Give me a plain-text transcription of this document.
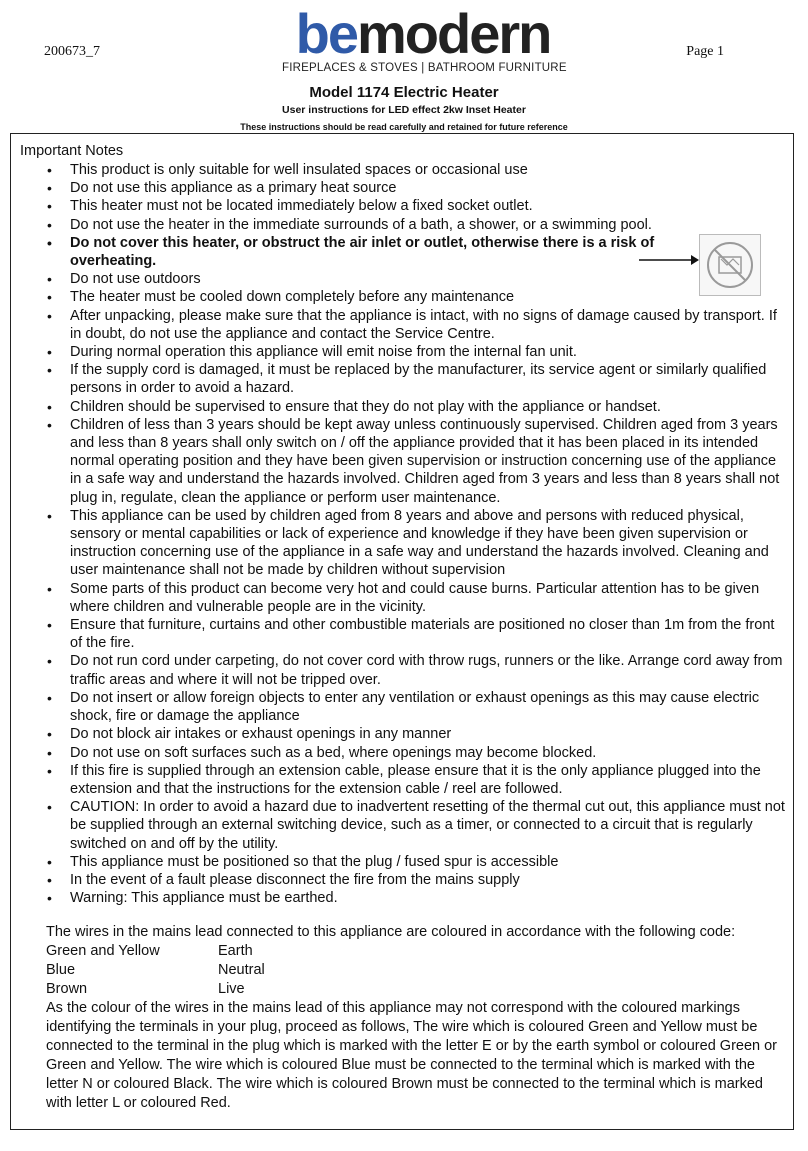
200673_7	Page 1
bemodern
FIREPLACES & STOVES | BATHROOM FURNITURE
Model 1174 Electric Heater
User instructions for LED effect 2kw Inset Heater
These instructions should be read carefully and retained for future reference
Important Notes
• This product is only suitable for well insulated spaces or occasional use
• Do not use this appliance as a primary heat source
• This heater must not be located immediately below a fixed socket outlet.
• Do not use the heater in the immediate surrounds of a bath, a shower, or a swimming pool.
• Do not cover this heater, or obstruct the air inlet or outlet, otherwise there is a risk of overheating.
• Do not use outdoors
• The heater must be cooled down completely before any maintenance
• After unpacking, please make sure that the appliance is intact, with no signs of damage caused by transport. If in doubt, do not use the appliance and contact the Service Centre.
• During normal operation this appliance will emit noise from the internal fan unit.
• If the supply cord is damaged, it must be replaced by the manufacturer, its service agent or similarly qualified persons in order to avoid a hazard.
• Children should be supervised to ensure that they do not play with the appliance or handset.
• Children of less than 3 years should be kept away unless continuously supervised. Children aged from 3 years and less than 8 years shall only switch on / off the appliance provided that it has been placed in its intended normal operating position and they have been given supervision or instruction concerning use of the appliance in a safe way and understand the hazards involved. Children aged from 3 years and less than 8 years shall not plug in, regulate, clean the appliance or perform user maintenance.
• This appliance can be used by children aged from 8 years and above and persons with reduced physical, sensory or mental capabilities or lack of experience and knowledge if they have been given supervision or instruction concerning use of the appliance in a safe way and understand the hazards involved. Cleaning and user maintenance shall not be made by children without supervision
• Some parts of this product can become very hot and could cause burns. Particular attention has to be given where children and vulnerable people are in the vicinity.
• Ensure that furniture, curtains and other combustible materials are positioned no closer than 1m from the front of the fire.
• Do not run cord under carpeting, do not cover cord with throw rugs, runners or the like. Arrange cord away from traffic areas and where it will not be tripped over.
• Do not insert or allow foreign objects to enter any ventilation or exhaust openings as this may cause electric shock, fire or damage the appliance
• Do not block air intakes or exhaust openings in any manner
• Do not use on soft surfaces such as a bed, where openings may become blocked.
• If this fire is supplied through an extension cable, please ensure that it is the only appliance plugged into the extension and that the instructions for the extension cable / reel are followed.
• CAUTION: In order to avoid a hazard due to inadvertent resetting of the thermal cut out, this appliance must not be supplied through an external switching device, such as a timer, or connected to a circuit that is regularly switched on and off by the utility.
• This appliance must be positioned so that the plug / fused spur is accessible
• In the event of a fault please disconnect the fire from the mains supply
• Warning: This appliance must be earthed.
The wires in the mains lead connected to this appliance are coloured in accordance with the following code:
Green and Yellow	Earth
Blue	Neutral
Brown	Live
As the colour of the wires in the mains lead of this appliance may not correspond with the coloured markings identifying the terminals in your plug, proceed as follows, The wire which is coloured Green and Yellow must be connected to the terminal in the plug which is marked with the letter E or by the earth symbol or coloured Green or Green and Yellow. The wire which is coloured Blue must be connected to the terminal which is marked with the letter N or coloured Black. The wire which is coloured Brown must be connected to the terminal which is marked with letter L or coloured Red.
